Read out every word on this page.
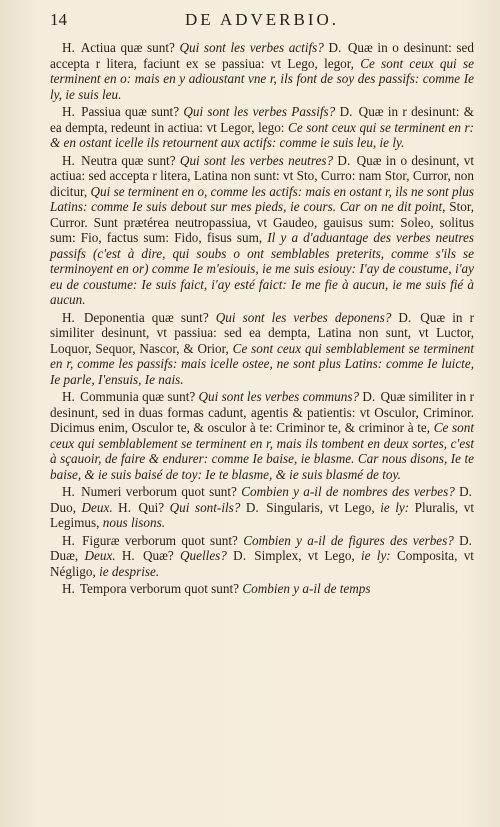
14	DE ADVERBIO.

H. Actiua quæ sunt? Qui sont les verbes actifs? D. Quæ in o desinunt: sed accepta r litera, faciunt ex se passiua: vt Lego, legor, Ce sont ceux qui se terminent en o: mais en y adioustant vne r, ils font de soy des passifs: comme Ie ly, ie suis leu.

H. Passiua quæ sunt? Qui sont les verbes Passifs? D. Quæ in r desinunt: & ea dempta, redeunt in actiua: vt Legor, lego: Ce sont ceux qui se terminent en r: & en ostant icelle ils retournent aux actifs: comme ie suis leu, ie ly.

H. Neutra quæ sunt? Qui sont les verbes neutres? D. Quæ in o desinunt, vt actiua: sed accepta r litera, Latina non sunt: vt Sto, Curro: nam Stor, Curror, non dicitur, Qui se terminent en o, comme les actifs: mais en ostant r, ils ne sont plus Latins: comme Ie suis debout sur mes pieds, ie cours. Car on ne dit point, Stor, Curror. Sunt prætérea neutropassiua, vt Gaudeo, gauisus sum: Soleo, solitus sum: Fio, factus sum: Fido, fisus sum, Il y a d'aduantage des verbes neutres passifs (c'est à dire, qui soubs o ont semblables preterits, comme s'ils se terminoyent en or) comme Ie m'esiouis, ie me suis esiouy: I'ay de coustume, i'ay eu de coustume: Ie suis faict, i'ay esté faict: Ie me fie à aucun, ie me suis fié à aucun.

H. Deponentia quæ sunt? Qui sont les verbes deponens? D. Quæ in r similiter desinunt, vt passiua: sed ea dempta, Latina non sunt, vt Luctor, Loquor, Sequor, Nascor, & Orior, Ce sont ceux qui semblablement se terminent en r, comme les passifs: mais icelle ostee, ne sont plus Latins: comme Ie luicte, Ie parle, I'ensuis, Ie nais.

H. Communia quæ sunt? Qui sont les verbes communs? D. Quæ similiter in r desinunt, sed in duas formas cadunt, agentis & patientis: vt Osculor, Criminor. Dicimus enim, Osculor te, & osculor à te: Criminor te, & criminor à te, Ce sont ceux qui semblablement se terminent en r, mais ils tombent en deux sortes, c'est à sçauoir, de faire & endurer: comme Ie baise, ie blasme. Car nous disons, Ie te baise, & ie suis baisé de toy: Ie te blasme, & ie suis blasmé de toy.

H. Numeri verborum quot sunt? Combien y a-il de nombres des verbes? D. Duo, Deux. H. Qui? Qui sont-ils? D. Singularis, vt Lego, ie ly: Pluralis, vt Legimus, nous lisons.

H. Figuræ verborum quot sunt? Combien y a-il de figures des verbes? D. Duæ, Deux. H. Quæ? Quelles? D. Simplex, vt Lego, ie ly: Composita, vt Négligo, ie desprise.

H. Tempora verborum quot sunt? Combien y a-il de temps
